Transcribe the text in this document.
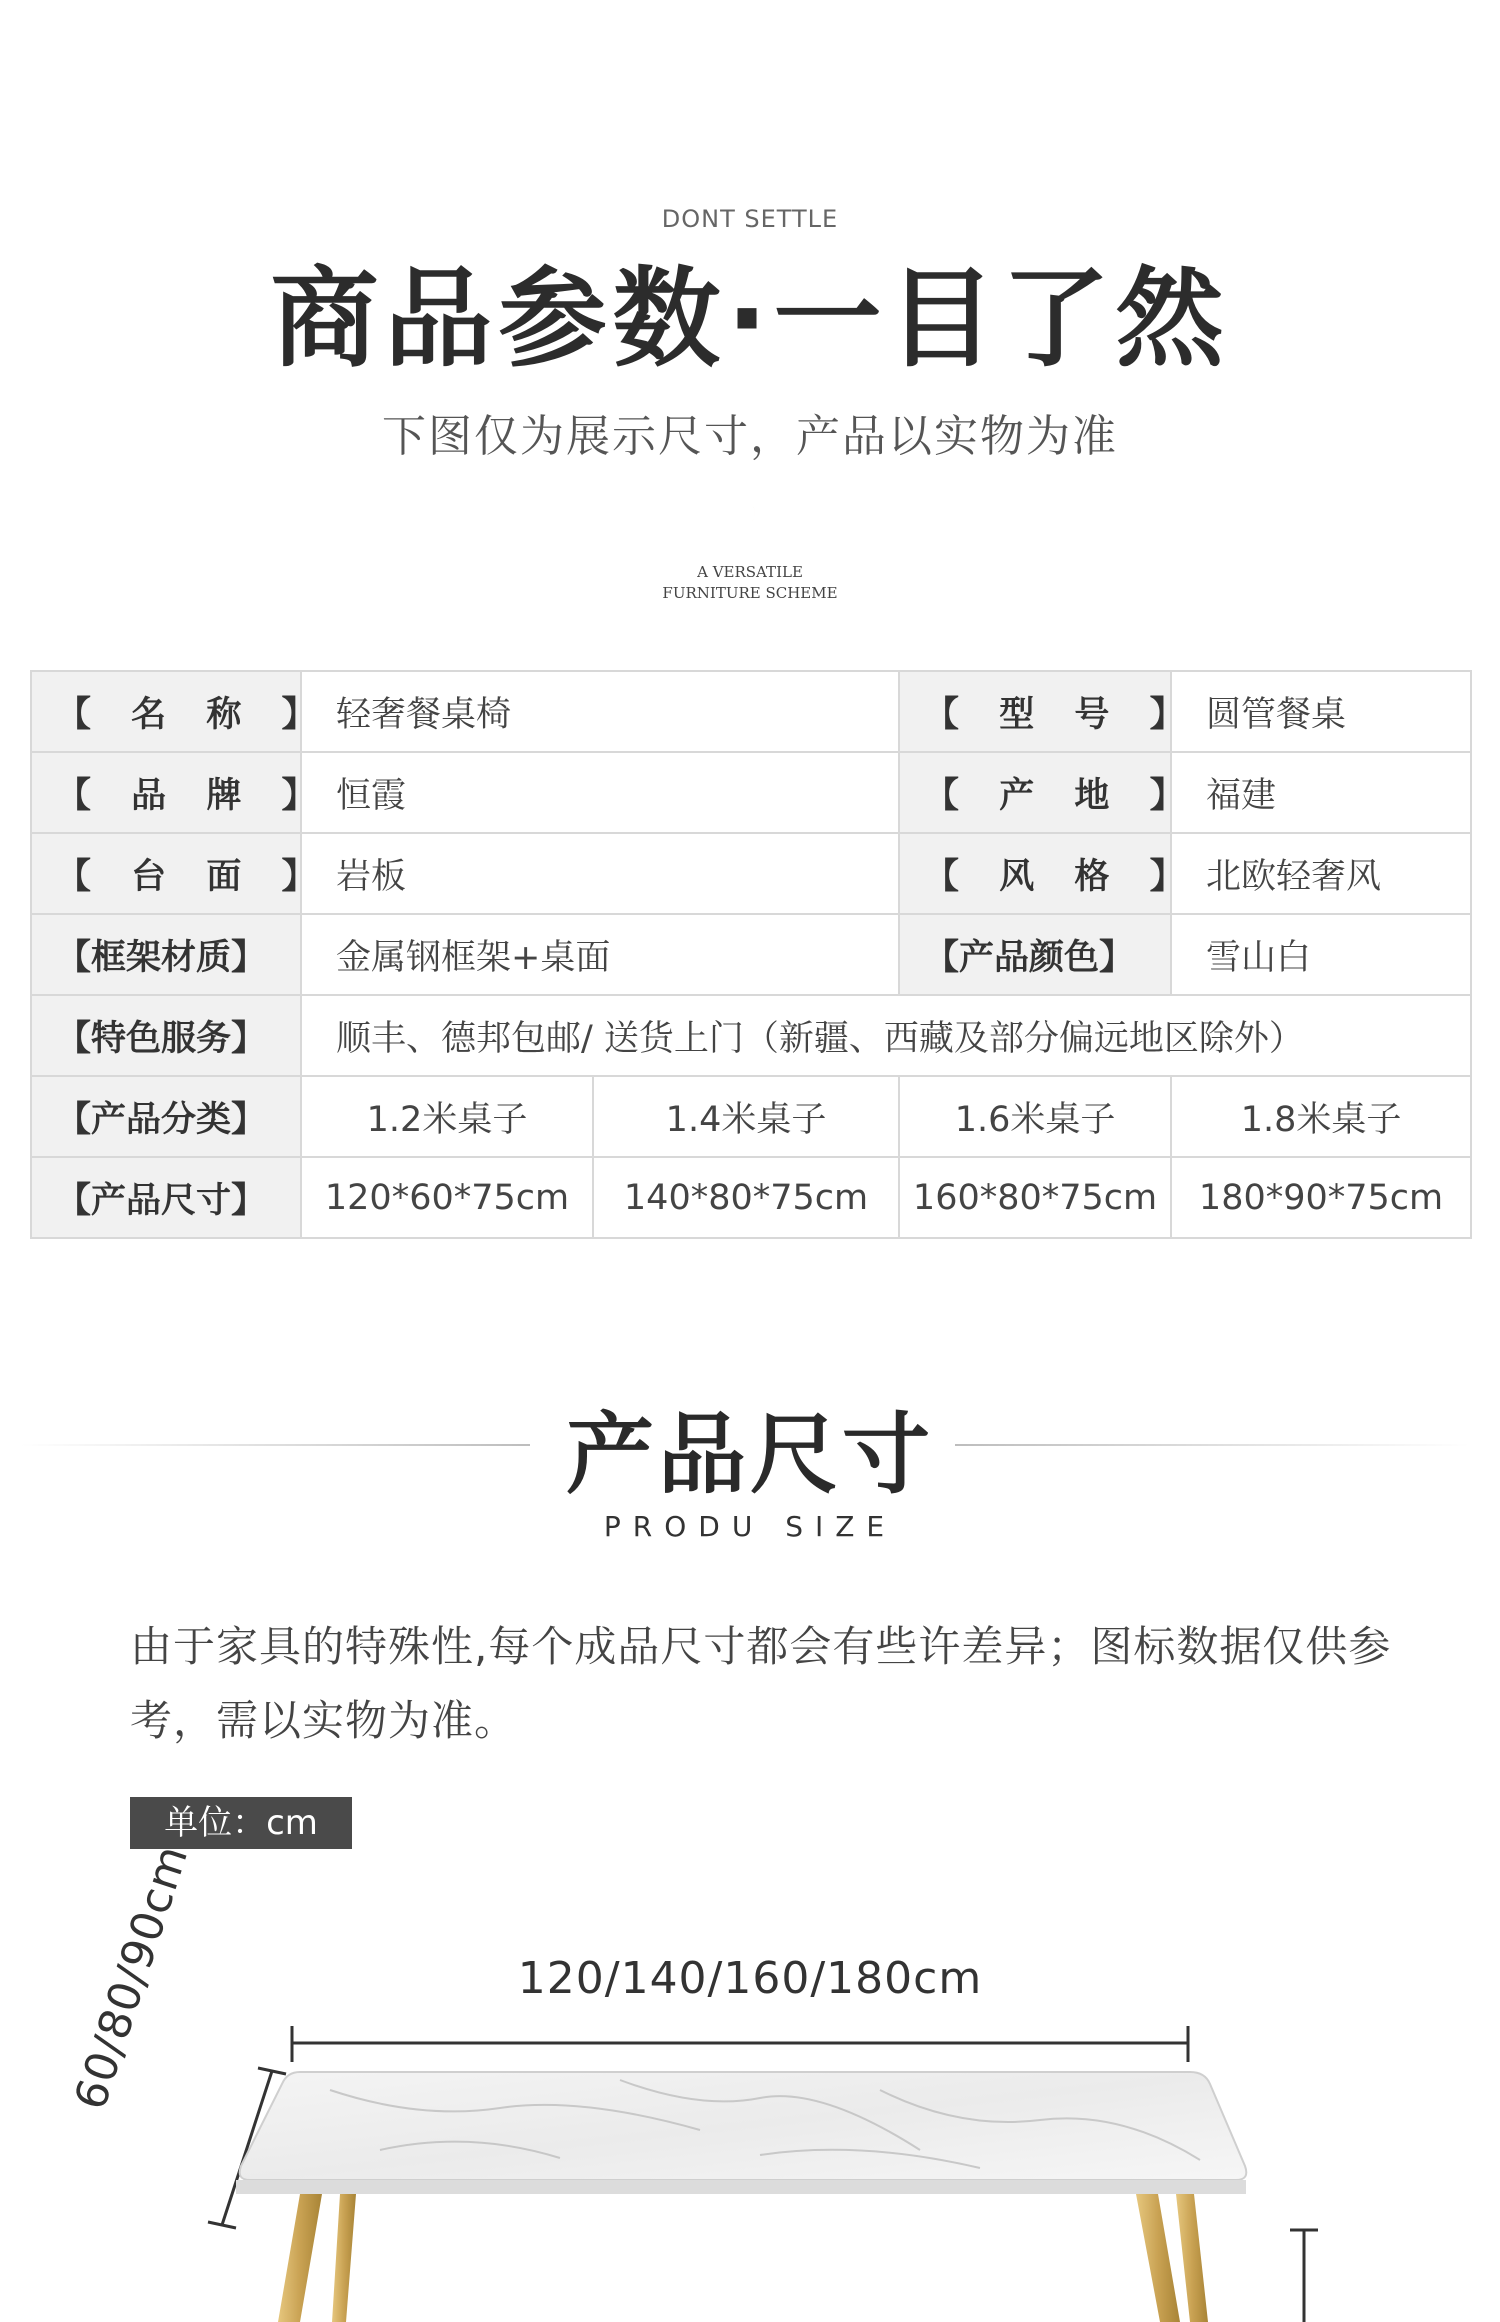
DONT SETTLE
商品参数·一目了然
下图仅为展示尺寸，产品以实物为准
A VERSATILE
FURNITURE SCHEME
【 名 称 】	轻奢餐桌椅		【 型 号 】	圆管餐桌
【 品 牌 】	恒霞		【 产 地 】	福建
【 台 面 】	岩板		【 风 格 】	北欧轻奢风
【框架材质】	金属钢框架+桌面		【产品颜色】	雪山白
【特色服务】	顺丰、德邦包邮/ 送货上门（新疆、西藏及部分偏远地区除外）			
【产品分类】	1.2米桌子	1.4米桌子	1.6米桌子	1.8米桌子
【产品尺寸】	120*60*75cm	140*80*75cm	160*80*75cm	180*90*75cm
产品尺寸
PRODU SIZE
由于家具的特殊性,每个成品尺寸都会有些许差异；图标数据仅供参考，需以实物为准。
单位：cm
120/140/160/180cm
60/80/90cm
